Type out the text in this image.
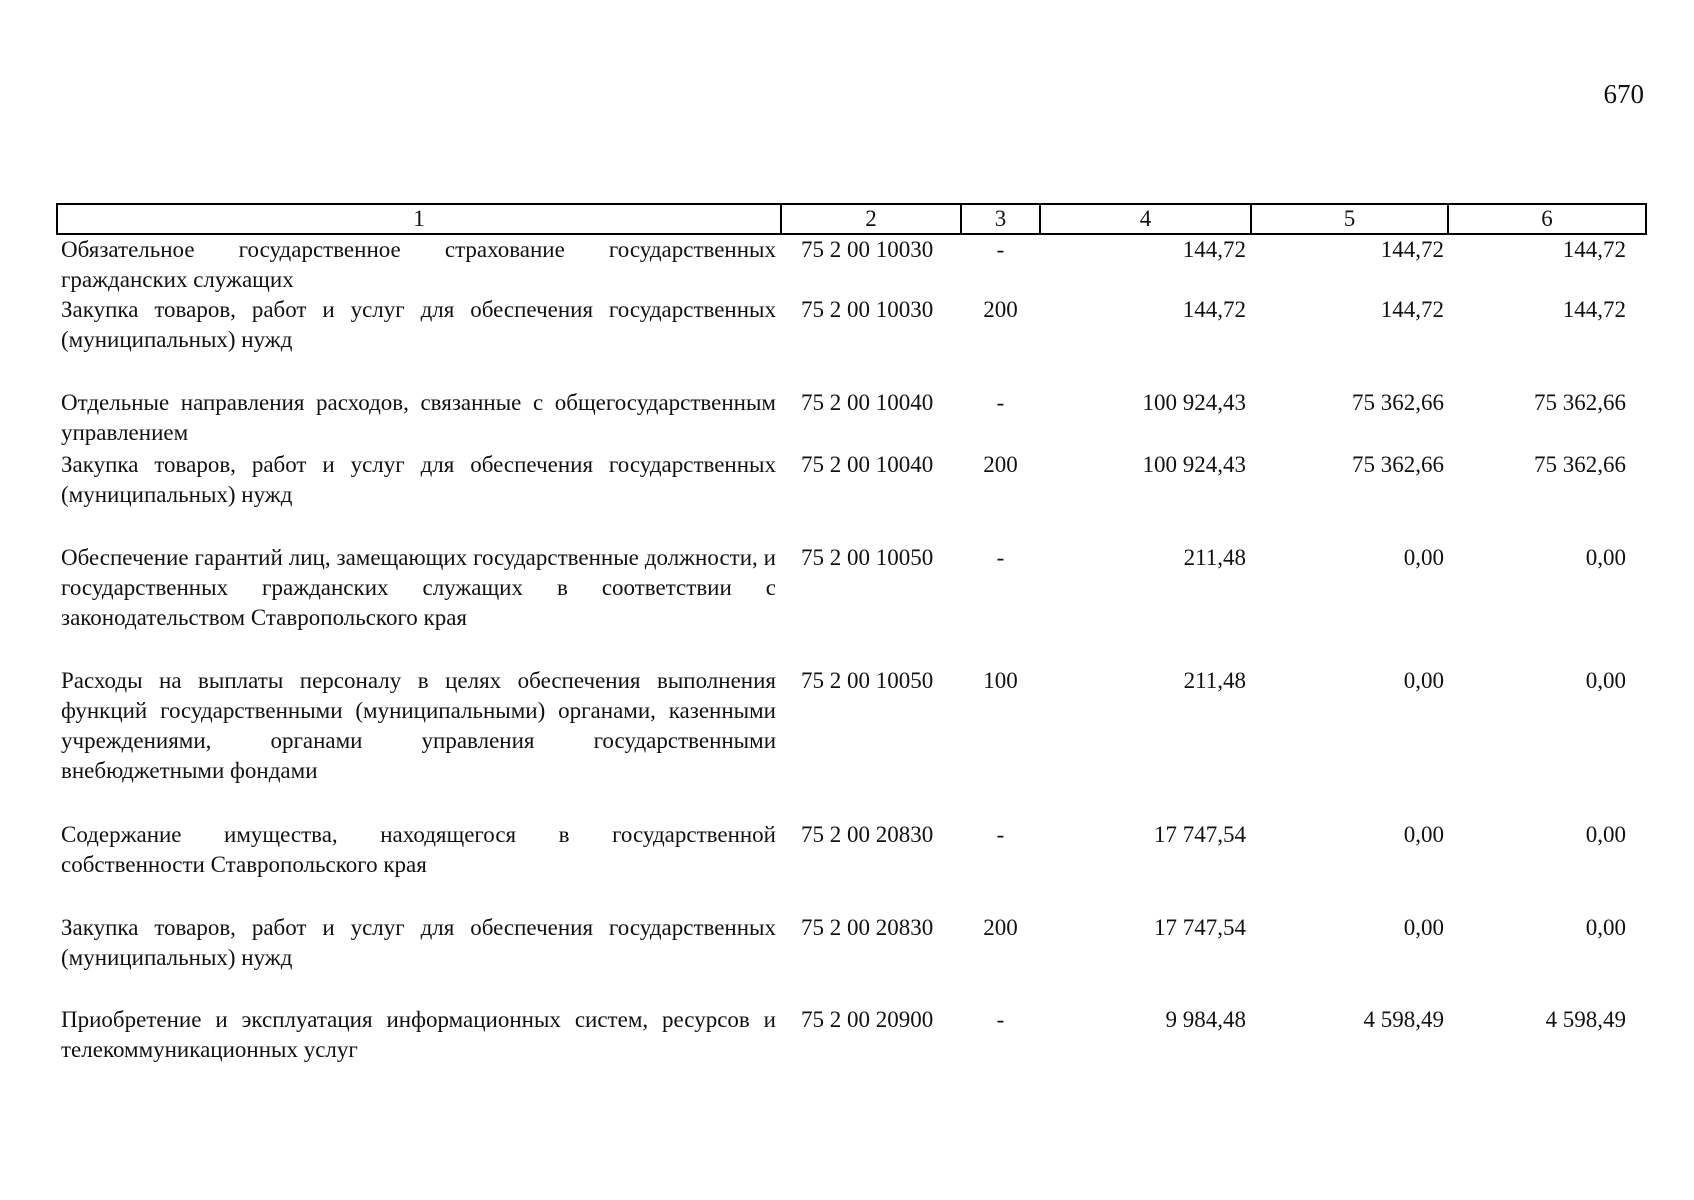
670
1	2	3	4	5	6
Обязательное государственное страхование государственных гражданских служащих	75 2 00 10030	-	144,72	144,72	144,72
Закупка товаров, работ и услуг для обеспечения государственных (муниципальных) нужд	75 2 00 10030	200	144,72	144,72	144,72
Отдельные направления расходов, связанные с общегосударственным управлением	75 2 00 10040	-	100 924,43	75 362,66	75 362,66
Закупка товаров, работ и услуг для обеспечения государственных (муниципальных) нужд	75 2 00 10040	200	100 924,43	75 362,66	75 362,66
Обеспечение гарантий лиц, замещающих государственные должности, и государственных гражданских служащих в соответствии с законодательством Ставропольского края	75 2 00 10050	-	211,48	0,00	0,00
Расходы на выплаты персоналу в целях обеспечения выполнения функций государственными (муниципальными) органами, казенными учреждениями, органами управления государственными внебюджетными фондами	75 2 00 10050	100	211,48	0,00	0,00
Содержание имущества, находящегося в государственной собственности Ставропольского края	75 2 00 20830	-	17 747,54	0,00	0,00
Закупка товаров, работ и услуг для обеспечения государственных (муниципальных) нужд	75 2 00 20830	200	17 747,54	0,00	0,00
Приобретение и эксплуатация информационных систем, ресурсов и телекоммуникационных услуг	75 2 00 20900	-	9 984,48	4 598,49	4 598,49
